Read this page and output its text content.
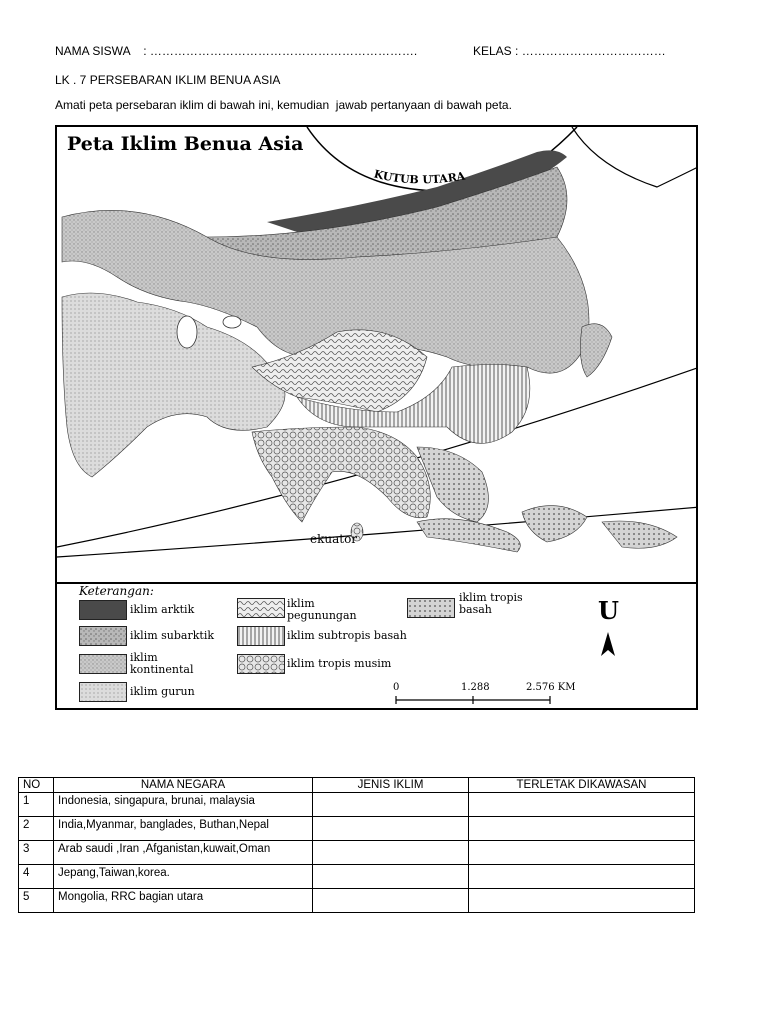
NAMA SISWA    : ………………………………………………………….	KELAS : ………………………………
LK . 7 PERSEBARAN IKLIM BENUA ASIA
Amati peta persebaran iklim di bawah ini, kemudian  jawab pertanyaan di bawah peta.
KUTUB UTARA
Peta Iklim Benua Asia
ekuator
Keterangan:
iklim arktik
iklim subarktik
iklim
kontinental
iklim gurun
iklim
pegunungan
iklim subtropis basah
iklim tropis musim
iklim tropis
basah	U
0	1.288	2.576 KM
NO	NAMA NEGARA	JENIS IKLIM	TERLETAK DIKAWASAN
1	Indonesia, singapura, brunai, malaysia		
2	India,Myanmar, banglades, Buthan,Nepal		
3	Arab saudi ,Iran ,Afganistan,kuwait,Oman		
4	Jepang,Taiwan,korea.		
5	Mongolia, RRC bagian utara		
